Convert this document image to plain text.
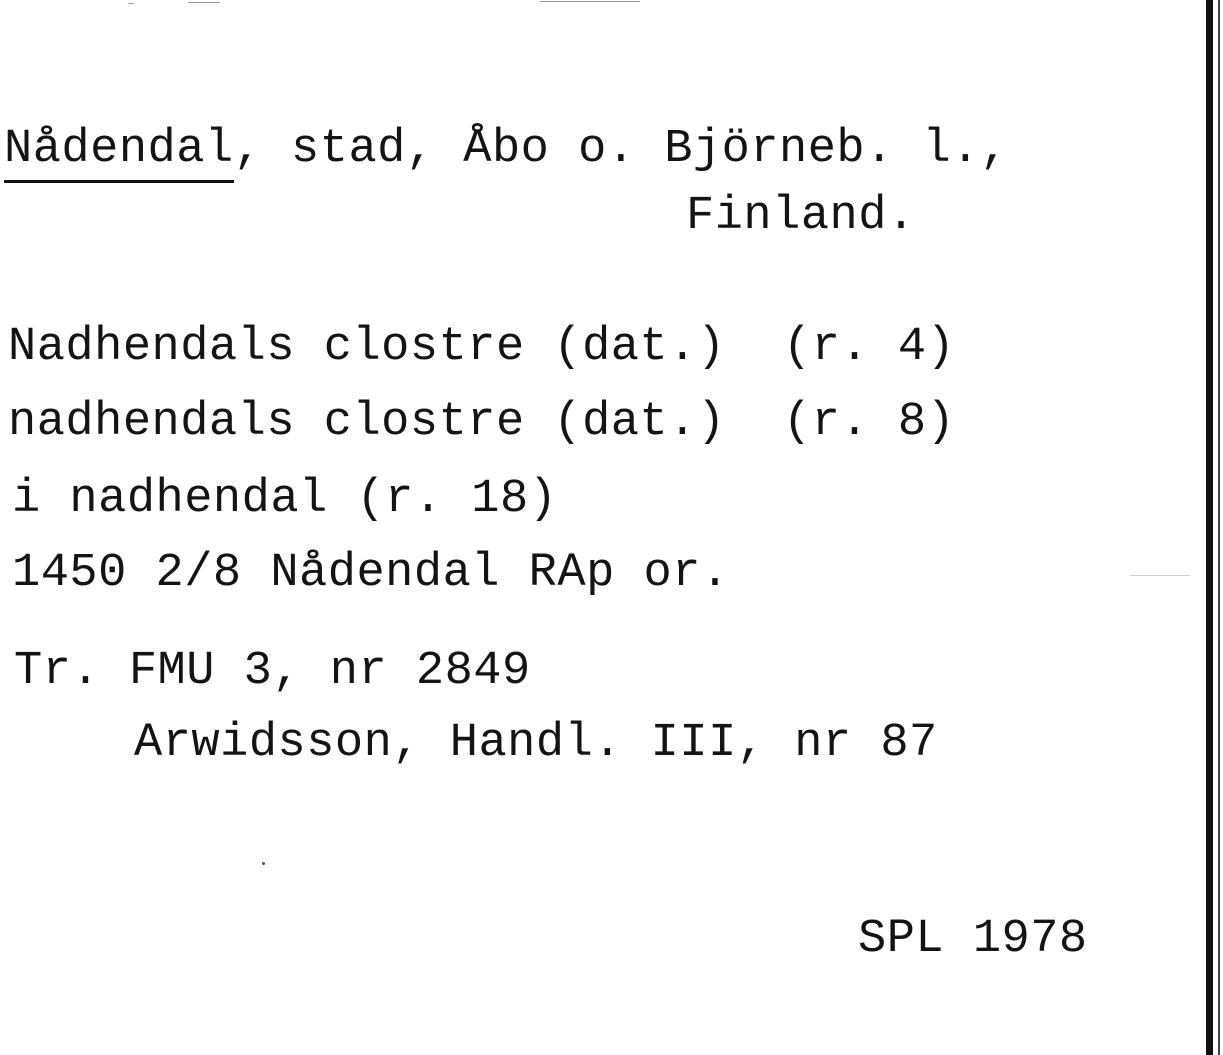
Nådendal
, stad, Åbo o. Björneb. l.,
Finland.
Nadhendals clostre (dat.)  (r. 4)
nadhendals clostre (dat.)  (r. 8)
i nadhendal (r. 18)
1450 2/8 Nådendal RAp or.
Tr. FMU 3, nr 2849
Arwidsson, Handl. III, nr 87
SPL 1978
